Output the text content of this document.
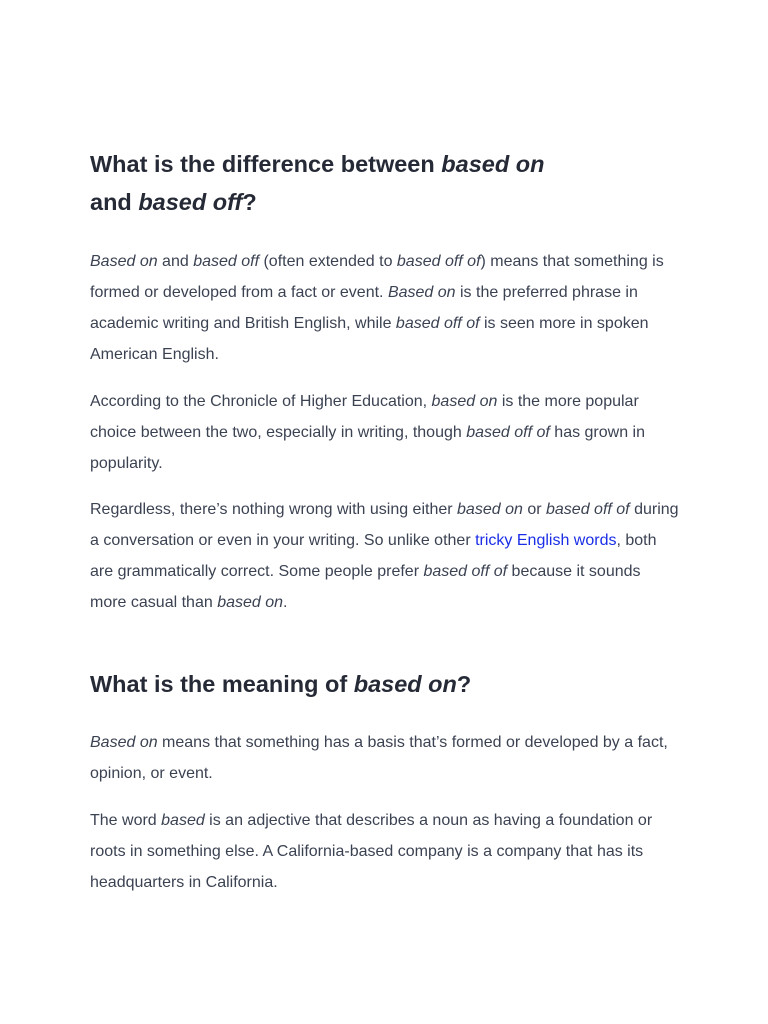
What is the difference between based on and based off?

Based on and based off (often extended to based off of) means that something is formed or developed from a fact or event. Based on is the preferred phrase in academic writing and British English, while based off of is seen more in spoken American English.

According to the Chronicle of Higher Education, based on is the more popular choice between the two, especially in writing, though based off of has grown in popularity.

Regardless, there’s nothing wrong with using either based on or based off of during a conversation or even in your writing. So unlike other tricky English words, both are grammatically correct. Some people prefer based off of because it sounds more casual than based on.

What is the meaning of based on?

Based on means that something has a basis that’s formed or developed by a fact, opinion, or event.

The word based is an adjective that describes a noun as having a foundation or roots in something else. A California-based company is a company that has its headquarters in California.
